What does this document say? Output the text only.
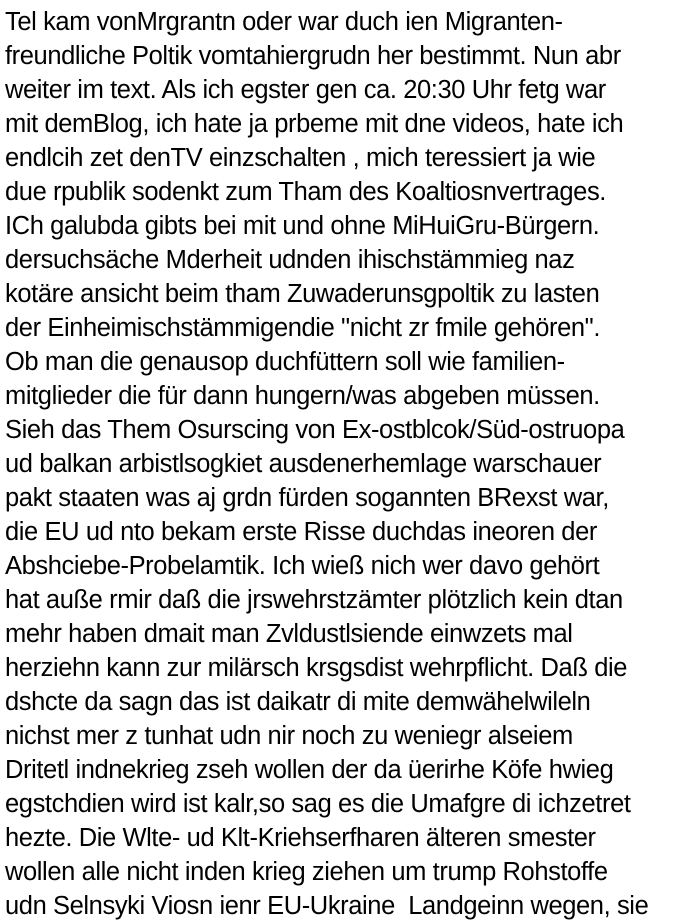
Tel kam vonMrgrantn oder war duch ien Migranten-
freundliche Poltik vomtahiergrudn her bestimmt. Nun abr
weiter im text. Als ich egster gen ca. 20:30 Uhr fetg war
mit demBlog, ich hate ja prbeme mit dne videos, hate ich
endlcih zet denTV einzschalten , mich teressiert ja wie
due rpublik sodenkt zum Tham des Koaltiosnvertrages.
ICh galubda gibts bei mit und ohne MiHuiGru-Bürgern.
dersuchsäche Mderheit udnden ihischstämmieg naz
kotäre ansicht beim tham Zuwaderunsgpoltik zu lasten
der Einheimischstämmigendie "nicht zr fmile gehören".
Ob man die genausop duchfüttern soll wie familien-
mitglieder die für dann hungern/was abgeben müssen.
Sieh das Them Osurscing von Ex-ostblcok/Süd-ostruopa
ud balkan arbistlsogkiet ausdenerhemlage warschauer
pakt staaten was aj grdn fürden sogannten BRexst war,
die EU ud nto bekam erste Risse duchdas ineoren der
Abshciebe-Probelamtik. Ich wieß nich wer davo gehört
hat auße rmir daß die jrswehrstzämter plötzlich kein dtan
mehr haben dmait man Zvldustlsiende einwzets mal
herziehn kann zur milärsch krsgsdist wehrpflicht. Daß die
dshcte da sagn das ist daikatr di mite demwähelwileln
nichst mer z tunhat udn nir noch zu weniegr alseiem
Dritetl indnekrieg zseh wollen der da üerirhe Köfe hwieg
egstchdien wird ist kalr,so sag es die Umafgre di ichzetret
hezte. Die Wlte- ud Klt-Kriehserfharen älteren smester
wollen alle nicht inden krieg ziehen um trump Rohstoffe
udn Selnsyki Viosn ienr EU-Ukraine  Landgeinn wegen, sie
